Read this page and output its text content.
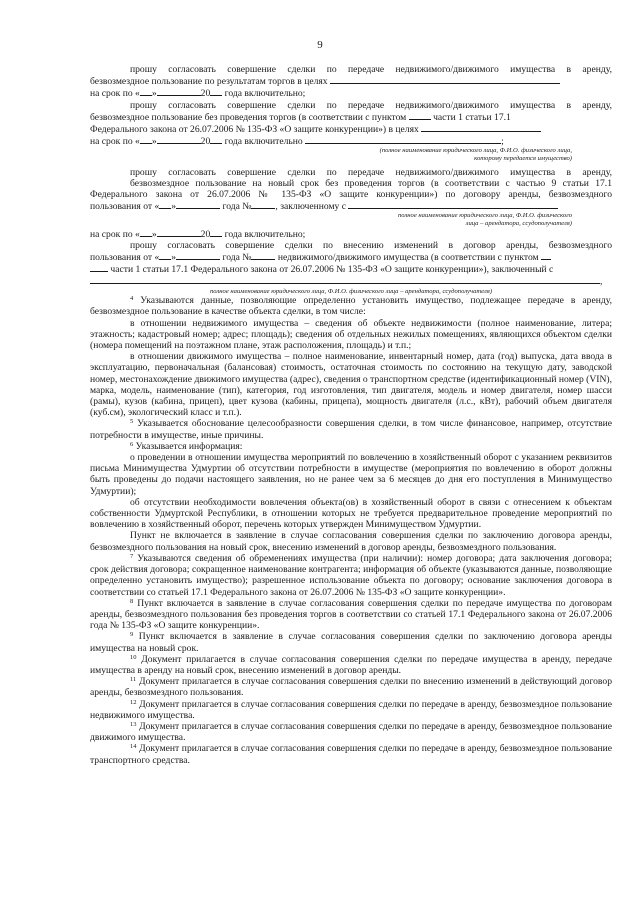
9

прошу согласовать совершение сделки по передаче недвижимого/движимого имущества в аренду,

безвозмездное пользование по результатам торгов в целях

на срок по « »	20 года включительно;

прошу согласовать совершение сделки по передаче недвижимого/движимого имущества в аренду,

безвозмездное пользование без проведения торгов (в соответствии с пунктом	части 1 статьи 17.1

Федерального закона от 26.07.2006 № 135-ФЗ «О защите конкуренции») в целях

на срок по « »	20 года включительно	;

(полное наименование юридического лица, Ф.И.О. физического лица,
которому передается имущество)

прошу согласовать совершение сделки по передаче недвижимого/движимого имущества в аренду,

безвозмездное пользование на новый срок без проведения торгов (в соответствии с частью 9 статьи 17.1

Федерального закона от 26.07.2006 № 135-ФЗ «О защите конкуренции») по договору аренды, безвозмездного

пользования от « »	года №	, заключенному с

полное наименование юридического лица, Ф.И.О. физического
лица – арендатора, ссудополучателя)

на срок по « »	20 года включительно;

прошу согласовать совершение сделки по внесению изменений в договор аренды, безвозмездного

пользования от « »	года №	недвижимого/движимого имущества (в соответствии с пунктом

части 1 статьи 17.1 Федерального закона от 26.07.2006 № 135-ФЗ «О защите конкуренции»), заключенный с

,

полное наименование юридического лица, Ф.И.О. физического лица – арендатора, ссудополучателя)

$^4$ Указываются данные, позволяющие определенно установить имущество, подлежащее передаче в аренду, безвозмездное пользование в качестве объекта сделки, в том числе:

в отношении недвижимого имущества – сведения об объекте недвижимости (полное наименование, литера; этажность; кадастровый номер; адрес; площадь); сведения об отдельных нежилых помещениях, являющихся объектом сделки (номера помещений на поэтажном плане, этаж расположения, площадь) и т.п.;

в отношении движимого имущества – полное наименование, инвентарный номер, дата (год) выпуска, дата ввода в эксплуатацию, первоначальная (балансовая) стоимость, остаточная стоимость по состоянию на текущую дату, заводской номер, местонахождение движимого имущества (адрес), сведения о транспортном средстве (идентификационный номер (VIN), марка, модель, наименование (тип), категория, год изготовления, тип двигателя, модель и номер двигателя, номер шасси (рамы), кузов (кабина, прицеп), цвет кузова (кабины, прицепа), мощность двигателя (л.с., кВт), рабочий объем двигателя (куб.см), экологический класс и т.п.).

$^5$ Указывается обоснование целесообразности совершения сделки, в том числе финансовое, например, отсутствие потребности в имуществе, иные причины.

$^6$ Указывается информация:

о проведении в отношении имущества мероприятий по вовлечению в хозяйственный оборот с указанием реквизитов письма Минимущества Удмуртии об отсутствии потребности в имуществе (мероприятия по вовлечению в оборот должны быть проведены до подачи настоящего заявления, но не ранее чем за 6 месяцев до дня его поступления в Минимущество Удмуртии);

об отсутствии необходимости вовлечения объекта(ов) в хозяйственный оборот в связи с отнесением к объектам собственности Удмуртской Республики, в отношении которых не требуется предварительное проведение мероприятий по вовлечению в хозяйственный оборот, перечень которых утвержден Минимуществом Удмуртии.

Пункт не включается в заявление в случае согласования совершения сделки по заключению договора аренды, безвозмездного пользования на новый срок, внесению изменений в договор аренды, безвозмездного пользования.

$^7$ Указываются сведения об обременениях имущества (при наличии): номер договора; дата заключения договора; срок действия договора; сокращенное наименование контрагента; информация об объекте (указываются данные, позволяющие определенно установить имущество); разрешенное использование объекта по договору; основание заключения договора в соответствии со статьей 17.1 Федерального закона от 26.07.2006 № 135-ФЗ «О защите конкуренции».

$^8$ Пункт включается в заявление в случае согласования совершения сделки по передаче имущества по договорам аренды, безвозмездного пользования без проведения торгов в соответствии со статьей 17.1 Федерального закона от 26.07.2006 года № 135-ФЗ «О защите конкуренции».

$^9$ Пункт включается в заявление в случае согласования совершения сделки по заключению договора аренды имущества на новый срок.

$^{10}$ Документ прилагается в случае согласования совершения сделки по передаче имущества в аренду, передаче имущества в аренду на новый срок, внесению изменений в договор аренды.

$^{11}$ Документ прилагается в случае согласования совершения сделки по внесению изменений в действующий договор аренды, безвозмездного пользования.

$^{12}$ Документ прилагается в случае согласования совершения сделки по передаче в аренду, безвозмездное пользование недвижимого имущества.

$^{13}$ Документ прилагается в случае согласования совершения сделки по передаче в аренду, безвозмездное пользование движимого имущества.

$^{14}$ Документ прилагается в случае согласования совершения сделки по передаче в аренду, безвозмездное пользование транспортного средства.
